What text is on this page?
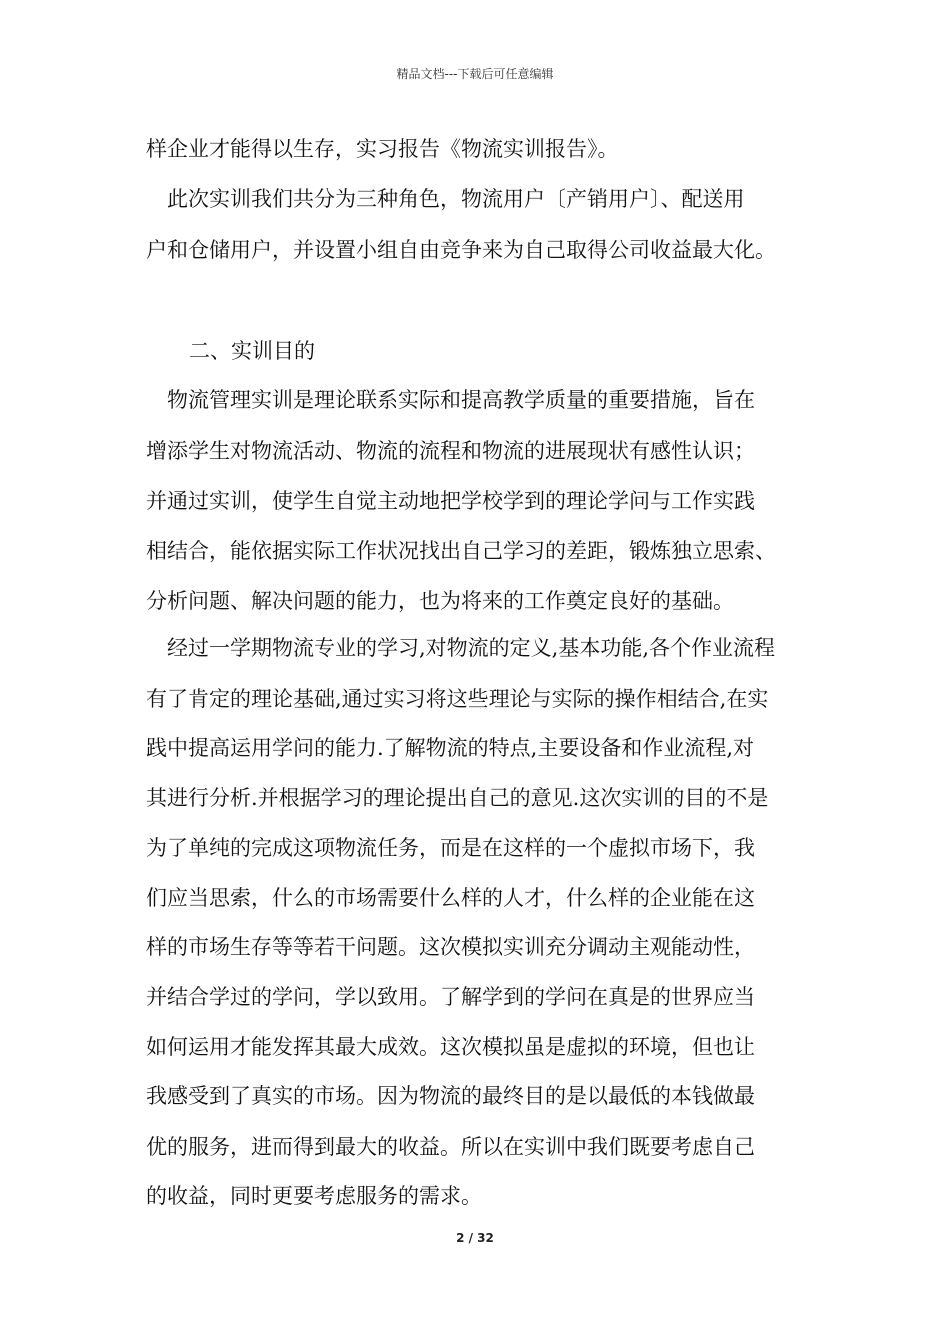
精品文档---下载后可任意编辑
样企业才能得以生存，实习报告《物流实训报告》。
此次实训我们共分为三种角色，物流用户〔产销用户〕、配送用
户和仓储用户，并设置小组自由竞争来为自己取得公司收益最大化。
二、实训目的
物流管理实训是理论联系实际和提高教学质量的重要措施，旨在
增添学生对物流活动、物流的流程和物流的进展现状有感性认识；
并通过实训，使学生自觉主动地把学校学到的理论学问与工作实践
相结合，能依据实际工作状况找出自己学习的差距，锻炼独立思索、
分析问题、解决问题的能力，也为将来的工作奠定良好的基础。
经过一学期物流专业的学习,对物流的定义,基本功能,各个作业流程
有了肯定的理论基础,通过实习将这些理论与实际的操作相结合,在实
践中提高运用学问的能力.了解物流的特点,主要设备和作业流程,对
其进行分析.并根据学习的理论提出自己的意见.这次实训的目的不是
为了单纯的完成这项物流任务，而是在这样的一个虚拟市场下，我
们应当思索，什么的市场需要什么样的人才，什么样的企业能在这
样的市场生存等等若干问题。这次模拟实训充分调动主观能动性，
并结合学过的学问，学以致用。了解学到的学问在真是的世界应当
如何运用才能发挥其最大成效。这次模拟虽是虚拟的环境，但也让
我感受到了真实的市场。因为物流的最终目的是以最低的本钱做最
优的服务，进而得到最大的收益。所以在实训中我们既要考虑自己
的收益，同时更要考虑服务的需求。
2 / 32
